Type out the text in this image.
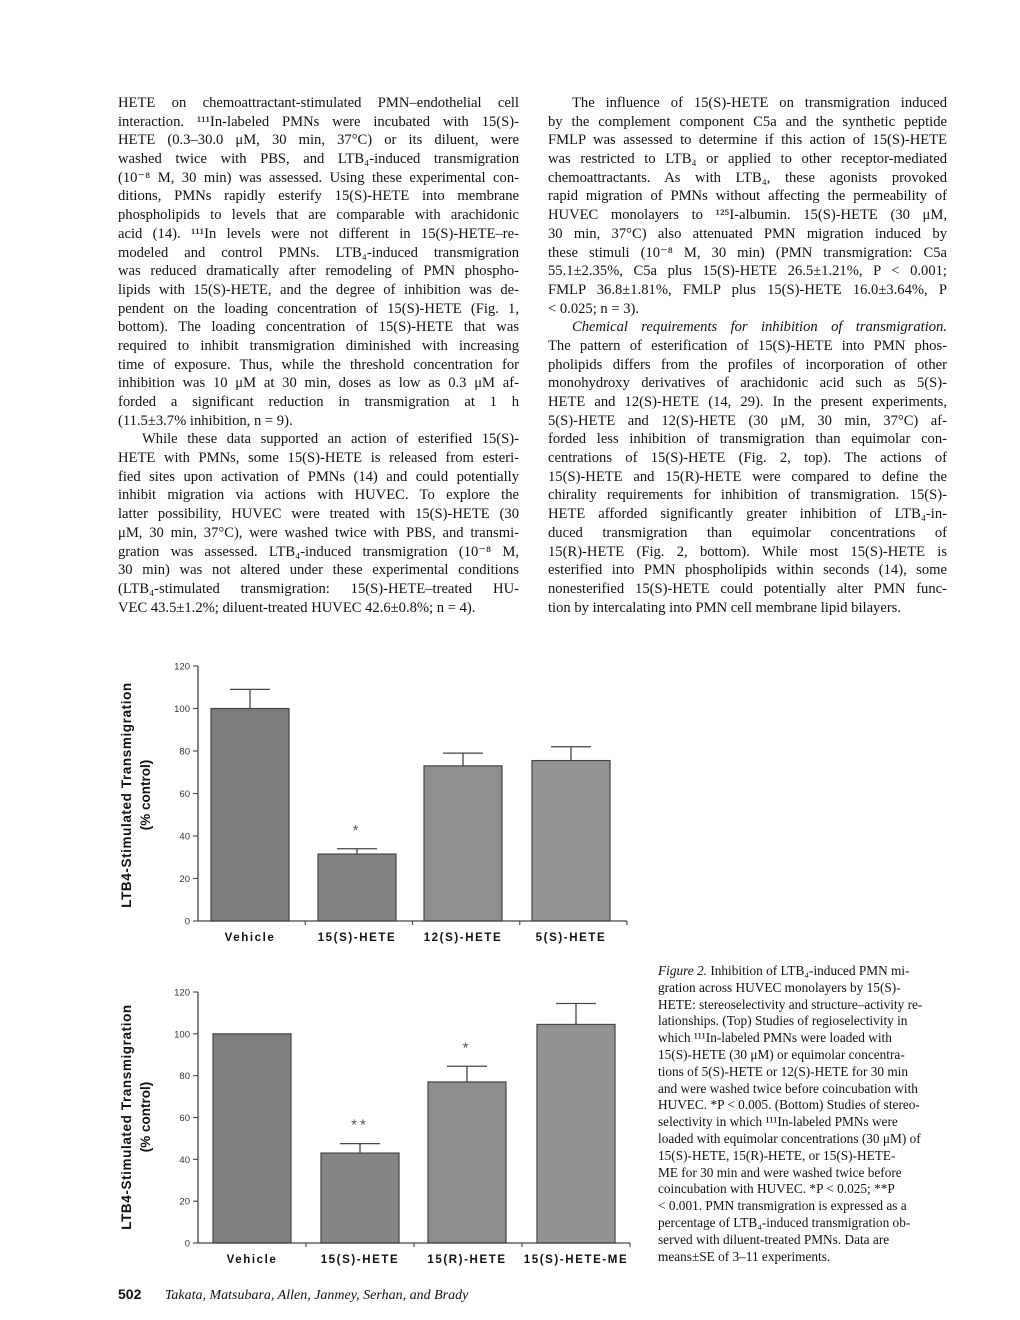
HETE on chemoattractant-stimulated PMN–endothelial cell
interaction. ¹¹¹In-labeled PMNs were incubated with 15(S)-
HETE (0.3–30.0 μM, 30 min, 37°C) or its diluent, were
washed twice with PBS, and LTB₄-induced transmigration
(10⁻⁸ M, 30 min) was assessed. Using these experimental con-
ditions, PMNs rapidly esterify 15(S)-HETE into membrane
phospholipids to levels that are comparable with arachidonic
acid (14). ¹¹¹In levels were not different in 15(S)-HETE–re-
modeled and control PMNs. LTB₄-induced transmigration
was reduced dramatically after remodeling of PMN phospho-
lipids with 15(S)-HETE, and the degree of inhibition was de-
pendent on the loading concentration of 15(S)-HETE (Fig. 1,
bottom). The loading concentration of 15(S)-HETE that was
required to inhibit transmigration diminished with increasing
time of exposure. Thus, while the threshold concentration for
inhibition was 10 μM at 30 min, doses as low as 0.3 μM af-
forded a significant reduction in transmigration at 1 h
(11.5±3.7% inhibition, n = 9).
While these data supported an action of esterified 15(S)-
HETE with PMNs, some 15(S)-HETE is released from esteri-
fied sites upon activation of PMNs (14) and could potentially
inhibit migration via actions with HUVEC. To explore the
latter possibility, HUVEC were treated with 15(S)-HETE (30
μM, 30 min, 37°C), were washed twice with PBS, and transmi-
gration was assessed. LTB₄-induced transmigration (10⁻⁸ M,
30 min) was not altered under these experimental conditions
(LTB₄-stimulated transmigration: 15(S)-HETE–treated HU-
VEC 43.5±1.2%; diluent-treated HUVEC 42.6±0.8%; n = 4).
The influence of 15(S)-HETE on transmigration induced
by the complement component C5a and the synthetic peptide
FMLP was assessed to determine if this action of 15(S)-HETE
was restricted to LTB₄ or applied to other receptor-mediated
chemoattractants. As with LTB₄, these agonists provoked
rapid migration of PMNs without affecting the permeability of
HUVEC monolayers to ¹²⁵I-albumin. 15(S)-HETE (30 μM,
30 min, 37°C) also attenuated PMN migration induced by
these stimuli (10⁻⁸ M, 30 min) (PMN transmigration: C5a
55.1±2.35%, C5a plus 15(S)-HETE 26.5±1.21%, P < 0.001;
FMLP 36.8±1.81%, FMLP plus 15(S)-HETE 16.0±3.64%, P
< 0.025; n = 3).
Chemical requirements for inhibition of transmigration.
The pattern of esterification of 15(S)-HETE into PMN phos-
pholipids differs from the profiles of incorporation of other
monohydroxy derivatives of arachidonic acid such as 5(S)-
HETE and 12(S)-HETE (14, 29). In the present experiments,
5(S)-HETE and 12(S)-HETE (30 μM, 30 min, 37°C) af-
forded less inhibition of transmigration than equimolar con-
centrations of 15(S)-HETE (Fig. 2, top). The actions of
15(S)-HETE and 15(R)-HETE were compared to define the
chirality requirements for inhibition of transmigration. 15(S)-
HETE afforded significantly greater inhibition of LTB₄-in-
duced transmigration than equimolar concentrations of
15(R)-HETE (Fig. 2, bottom). While most 15(S)-HETE is
esterified into PMN phospholipids within seconds (14), some
nonesterified 15(S)-HETE could potentially alter PMN func-
tion by intercalating into PMN cell membrane lipid bilayers.
Vehicle
*
15(S)-HETE 12(S)-HETE	5(S)-HETE
0
20
40
60
80
100
120
LTB4-Stimulated Transmigration (% control)
Vehicle
**
15(S)-HETE
*
15(R)-HETE 15(S)-HETE-ME
0
20
40
60
80
100
120
LTB4-Stimulated Transmigration (% control)
Figure 2. Inhibition of LTB₄-induced PMN mi-
gration across HUVEC monolayers by 15(S)-
HETE: stereoselectivity and structure–activity re-
lationships. (Top) Studies of regioselectivity in
which ¹¹¹In-labeled PMNs were loaded with
15(S)-HETE (30 μM) or equimolar concentra-
tions of 5(S)-HETE or 12(S)-HETE for 30 min
and were washed twice before coincubation with
HUVEC. *P < 0.005. (Bottom) Studies of stereo-
selectivity in which ¹¹¹In-labeled PMNs were
loaded with equimolar concentrations (30 μM) of
15(S)-HETE, 15(R)-HETE, or 15(S)-HETE-
ME for 30 min and were washed twice before
coincubation with HUVEC. *P < 0.025; **P
< 0.001. PMN transmigration is expressed as a
percentage of LTB₄-induced transmigration ob-
served with diluent-treated PMNs. Data are
means±SE of 3–11 experiments.
502 Takata, Matsubara, Allen, Janmey, Serhan, and Brady
